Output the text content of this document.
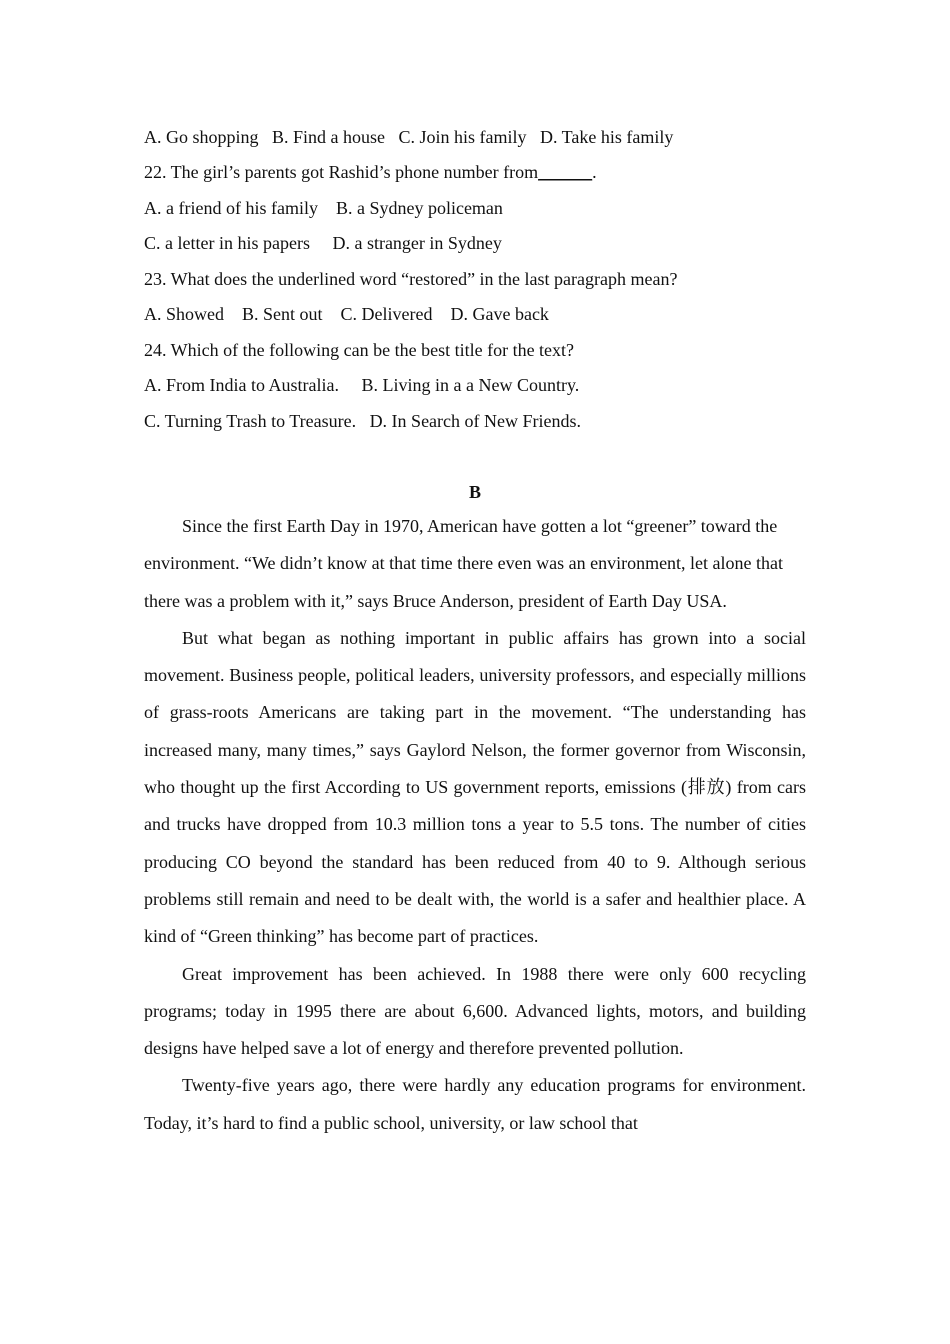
A. Go shopping   B. Find a house   C. Join his family   D. Take his family
22. The girl’s parents got Rashid’s phone number from______.
A. a friend of his family    B. a Sydney policeman
C. a letter in his papers     D. a stranger in Sydney
23. What does the underlined word “restored” in the last paragraph mean?
A. Showed    B. Sent out    C. Delivered    D. Gave back
24. Which of the following can be the best title for the text?
A. From India to Australia.     B. Living in a a New Country.
C. Turning Trash to Treasure.   D. In Search of New Friends.
B

Since the first Earth Day in 1970, American have gotten a lot “greener” toward the environment. “We didn’t know at that time there even was an environment, let alone that there was a problem with it,” says Bruce Anderson, president of Earth Day USA.

But what began as nothing important in public affairs has grown into a social movement. Business people, political leaders, university professors, and especially millions of grass-roots Americans are taking part in the movement. “The understanding has increased many, many times,” says Gaylord Nelson, the former governor from Wisconsin, who thought up the first According to US government reports, emissions (排放) from cars and trucks have dropped from 10.3 million tons a year to 5.5 tons. The number of cities producing CO beyond the standard has been reduced from 40 to 9. Although serious problems still remain and need to be dealt with, the world is a safer and healthier place. A kind of “Green thinking” has become part of practices.

Great improvement has been achieved. In 1988 there were only 600 recycling programs; today in 1995 there are about 6,600. Advanced lights, motors, and building designs have helped save a lot of energy and therefore prevented pollution.

Twenty-five years ago, there were hardly any education programs for environment. Today, it’s hard to find a public school, university, or law school that
